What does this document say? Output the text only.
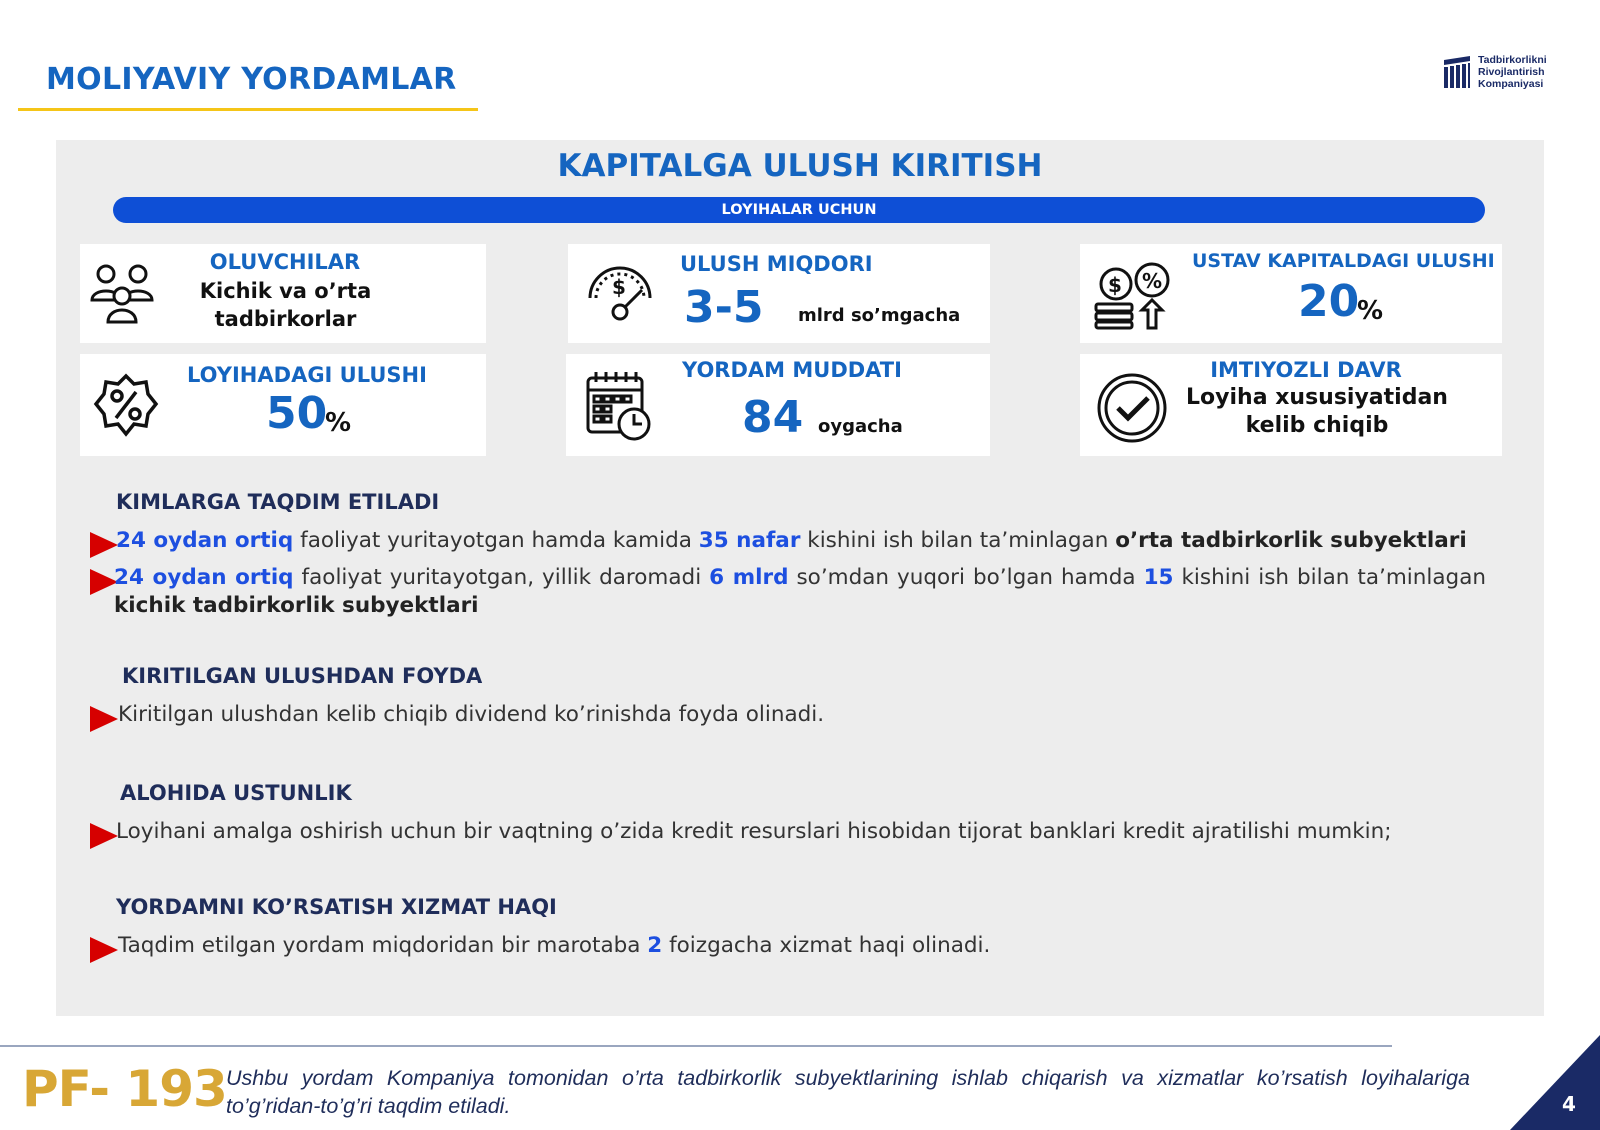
MOLIYAVIY YORDAMLAR
Tadbirkorlikni
Rivojlantirish
Kompaniyasi
KAPITALGA ULUSH KIRITISH
LOYIHALAR UCHUN
OLUVCHILAR
Kichik va o’rta
tadbirkorlar
$
ULUSH MIQDORI
3-5 mlrd so’mgacha
$ %
USTAV KAPITALDAGI ULUSHI
20
%
LOYIHADAGI ULUSHI
50
%
YORDAM MUDDATI
84 oygacha
IMTIYOZLI DAVR
Loyiha xususiyatidan
kelib chiqib
KIMLARGA TAQDIM ETILADI
24 oydan ortiq faoliyat yuritayotgan hamda kamida 35 nafar kishini ish bilan ta’minlagan o’rta tadbirkorlik subyektlari
24 oydan ortiq faoliyat yuritayotgan, yillik daromadi 6 mlrd so’mdan yuqori bo’lgan hamda 15 kishini ish bilan ta’minlagan kichik tadbirkorlik subyektlari
KIRITILGAN ULUSHDAN FOYDA
Kiritilgan ulushdan kelib chiqib dividend ko’rinishda foyda olinadi.
ALOHIDA USTUNLIK
Loyihani amalga oshirish uchun bir vaqtning o’zida kredit resurslari hisobidan tijorat banklari kredit ajratilishi mumkin;
YORDAMNI KO’RSATISH XIZMAT HAQI
Taqdim etilgan yordam miqdoridan bir marotaba 2 foizgacha xizmat haqi olinadi.
PF- 193 Ushbu yordam Kompaniya tomonidan o’rta tadbirkorlik subyektlarining ishlab chiqarish va xizmatlar ko’rsatish loyihalariga to’g’ridan-to’g’ri taqdim etiladi.	4
